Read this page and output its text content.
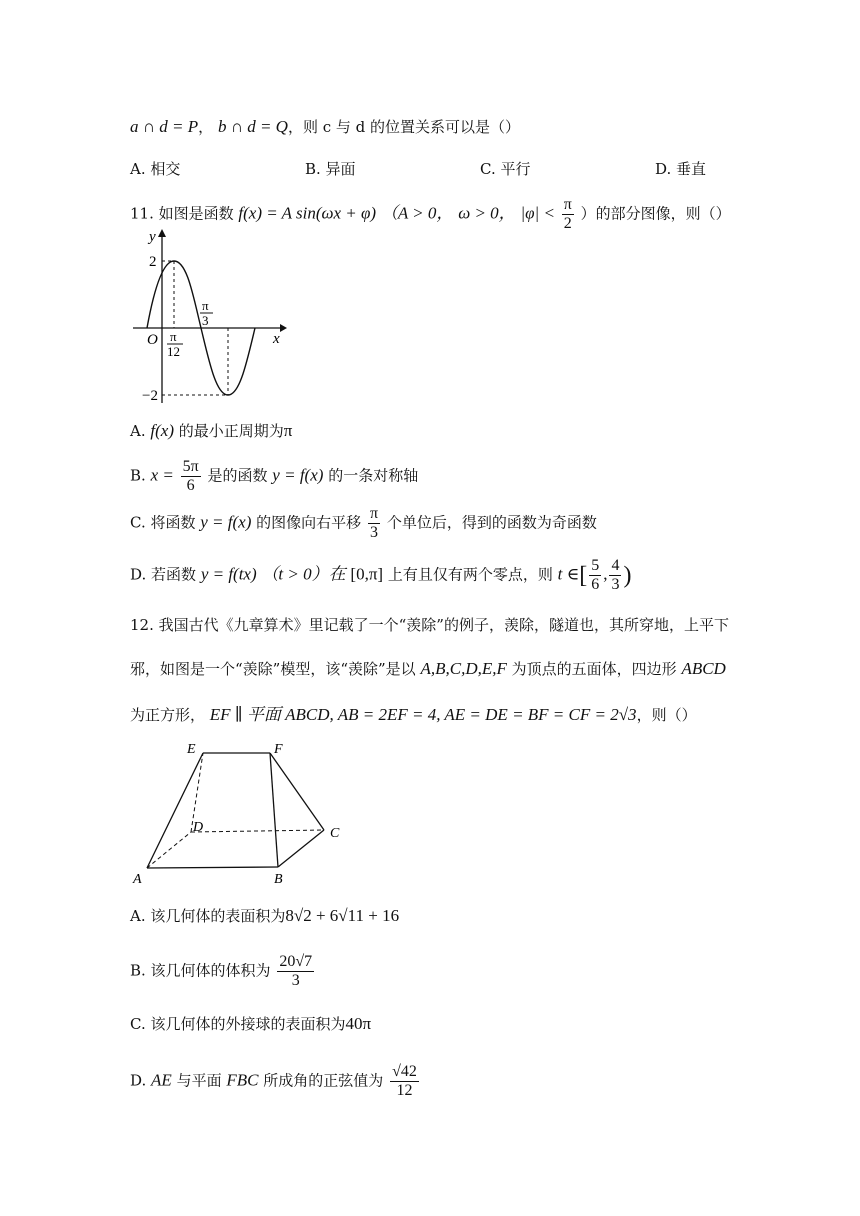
a ∩ d = P， b ∩ d = Q，则 c 与 d 的位置关系可以是（）
A. 相交	B. 异面	C. 平行	D. 垂直
11. 如图是函数 f(x) = A sin(ωx + φ) （A > 0， ω > 0， $|\varphi| < \frac{\pi}{2}$ ）的部分图像，则（）
y
x
O
2
−2
π
12
π
3
A. f(x) 的最小正周期为π
B. $x = \frac{5\pi}{6}$ 是的函数 y = f(x) 的一条对称轴
C. 将函数 y = f(x) 的图像向右平移 $\frac{\pi}{3}$ 个单位后，得到的函数为奇函数
D. 若函数 y = f(tx) （t > 0）在 [0,π] 上有且仅有两个零点，则 t ∈[ $\frac{5}{6}$ , $\frac{4}{3}$ )
12. 我国古代《九章算术》里记载了一个“羡除”的例子，羡除，隧道也，其所穿地，上平下
邪，如图是一个“羡除”模型，该“羡除”是以 A,B,C,D,E,F 为顶点的五面体，四边形 ABCD
为正方形， EF ∥ 平面 ABCD, AB = 2EF = 4, AE = DE = BF = CF = 2√3，则（）
A	B
C
D
E	F
A. 该几何体的表面积为8√2 + 6√11 + 16
B. 该几何体的体积为 $\frac{20√7}{3}$
C. 该几何体的外接球的表面积为40π
D. AE 与平面 FBC 所成角的正弦值为 $\frac{√42}{12}$
